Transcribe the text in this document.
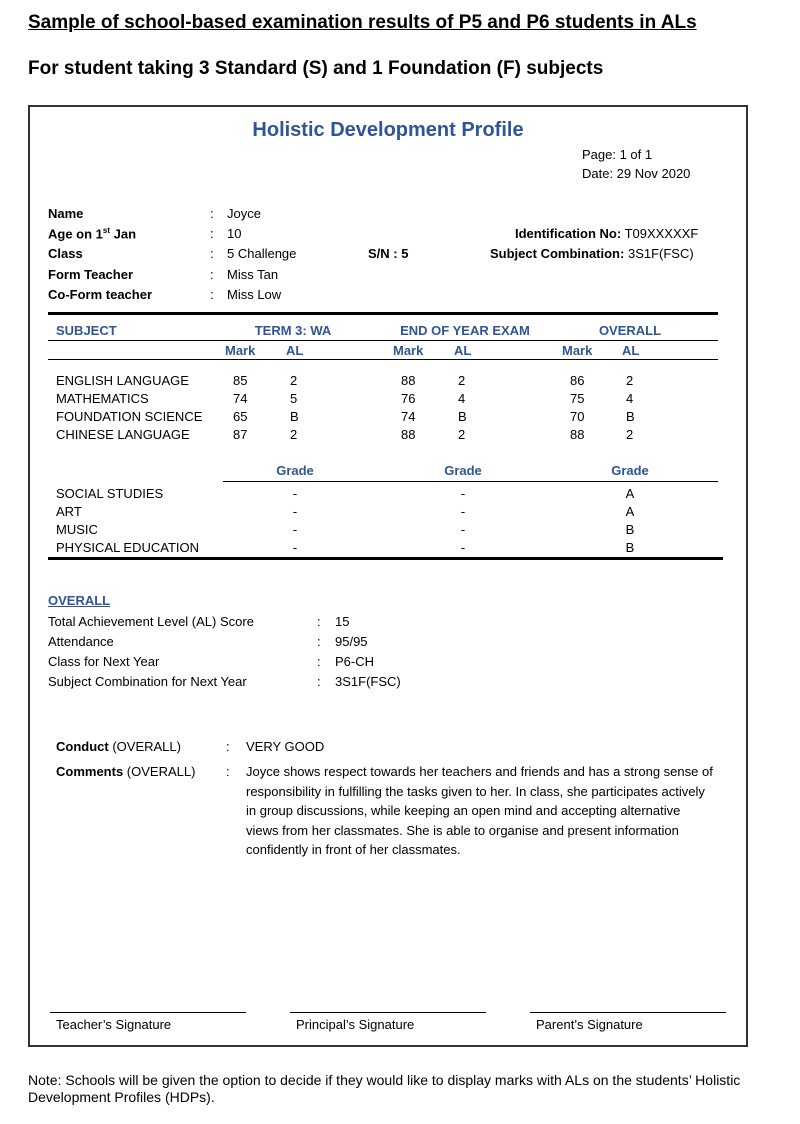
Sample of school-based examination results of P5 and P6 students in ALs
For student taking 3 Standard (S) and 1 Foundation (F) subjects
Holistic Development Profile
Page: 1 of 1
Date: 29 Nov 2020
Name	: Joyce
Age on 1st Jan	: 10
Class	: 5 Challenge	S/N : 5
Form Teacher	: Miss Tan
Co-Form teacher	: Miss Low
Identification No: T09XXXXXF
Subject Combination: 3S1F(FSC)
SUBJECT	TERM 3: WA	END OF YEAR EXAM	OVERALL
Mark AL	Mark AL	Mark AL
ENGLISH LANGUAGE	85	2	88	2	86	2
MATHEMATICS	74	5	76	4	75	4
FOUNDATION SCIENCE 65	B	74	B	70	B
CHINESE LANGUAGE	87	2	88	2	88	2
Grade	Grade	Grade
SOCIAL STUDIES	-	-	A
ART	-	-	A
MUSIC	-	-	B
PHYSICAL EDUCATION	-	-	B
OVERALL
Total Achievement Level (AL) Score	: 15
Attendance	: 95/95
Class for Next Year	: P6-CH
Subject Combination for Next Year	: 3S1F(FSC)
Conduct (OVERALL)	: VERY GOOD
Comments (OVERALL) : Joyce shows respect towards her teachers and friends and has a strong sense of responsibility in fulfilling the tasks given to her. In class, she participates actively in group discussions, while keeping an open mind and accepting alternative views from her classmates. She is able to organise and present information confidently in front of her classmates.
Teacher’s Signature	Principal’s Signature	Parent’s Signature
Note: Schools will be given the option to decide if they would like to display marks with ALs on the students’ Holistic Development Profiles (HDPs).
